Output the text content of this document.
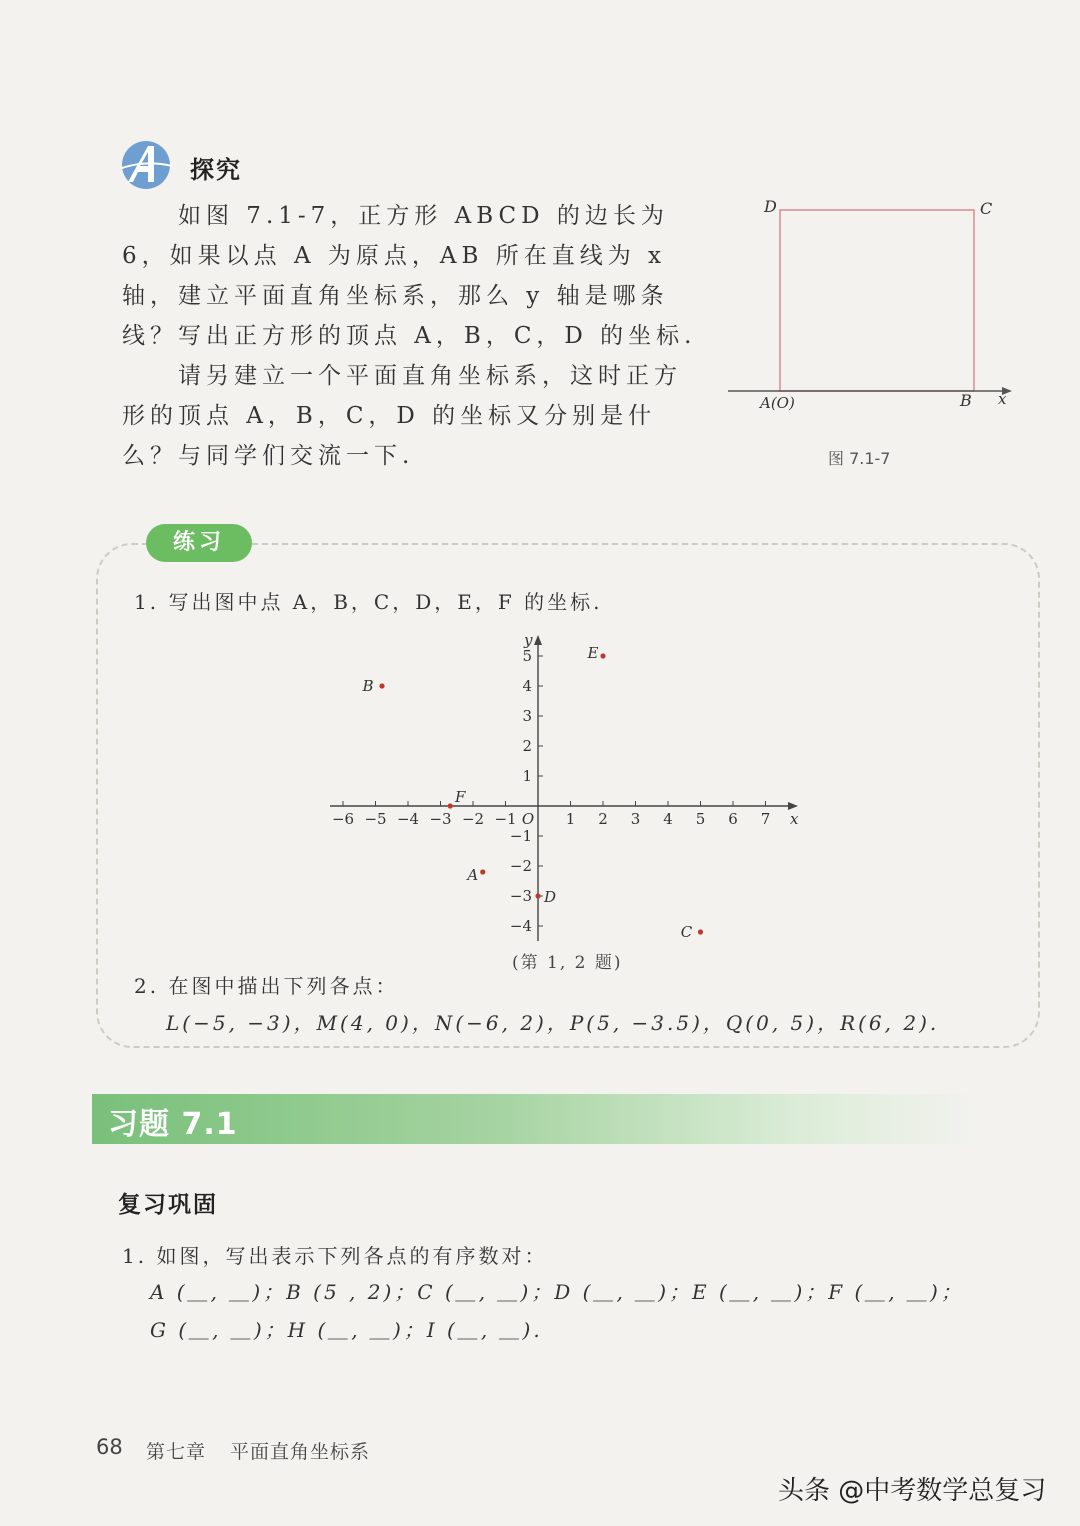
探究

　　如图 7.1-7，正方形 ABCD 的边长为 6，如果以点 A 为原点，AB 所在直线为 x 轴，建立平面直角坐标系，那么 y 轴是哪条线？写出正方形的顶点 A，B，C，D 的坐标.

　　请另建立一个平面直角坐标系，这时正方形的顶点 A，B，C，D 的坐标又分别是什么？与同学们交流一下.

D	C
A(O)	B x
图 7.1-7
练习
1. 写出图中点 A，B，C，D，E，F 的坐标.
x
y
O
−6 −5 −4 −3 −2 −1	1 2 3 4 5 6 7
5
4
3
2
1
−1
−2
−3
−4
A
B
C
D
E
F
(第 1, 2 题)
2. 在图中描出下列各点：
L(−5, −3)，M(4, 0)，N(−6, 2)，P(5, −3.5)，Q(0, 5)，R(6, 2).
习题 7.1
复习巩固
1. 如图，写出表示下列各点的有序数对：
A (＿, ＿)；B (5 , 2)；C (＿, ＿)；D (＿, ＿)；E (＿, ＿)；F (＿, ＿)；
G (＿, ＿)；H (＿, ＿)；I (＿, ＿).
68 第七章 平面直角坐标系
头条 @中考数学总复习
